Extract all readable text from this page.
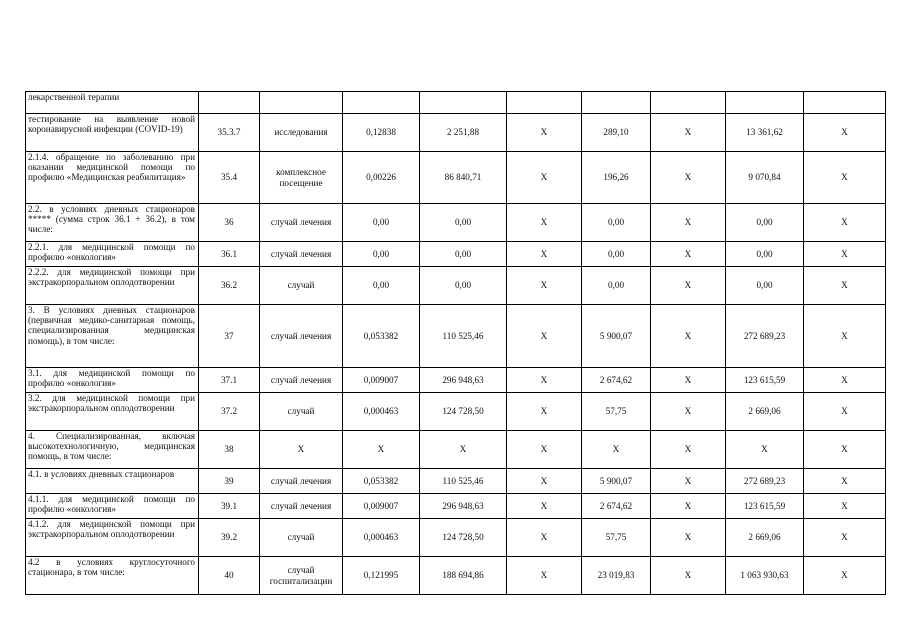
лекарственной терапии									
тестирование на выявление новой коронавирусной инфекции (COVID-19)	35.3.7	исследования	0,12838	2 251,88	X	289,10	X	13 361,62	X
2.1.4. обращение по заболеванию при оказании медицинской помощи по профилю «Медицинская реабилитация»	35.4	комплексное посещение	0,00226	86 840,71	X	196,26	X	9 070,84	X
2.2. в условиях дневных стационаров ***** (сумма строк 36.1 + 36.2), в том числе:	36	случай лечения	0,00	0,00	X	0,00	X	0,00	X
2.2.1. для медицинской помощи по профилю «онкология»	36.1	случай лечения	0,00	0,00	X	0,00	X	0,00	X
2.2.2. для медицинской помощи при экстракорпоральном оплодотворении	36.2	случай	0,00	0,00	X	0,00	X	0,00	X
3. В условиях дневных стационаров (первичная медико-санитарная помощь, специализированная медицинская помощь), в том числе:	37	случай лечения	0,053382	110 525,46	X	5 900,07	X	272 689,23	X
3.1. для медицинской помощи по профилю «онкология»	37.1	случай лечения	0,009007	296 948,63	X	2 674,62	X	123 615,59	X
3.2. для медицинской помощи при экстракорпоральном оплодотворении	37.2	случай	0,000463	124 728,50	X	57,75	X	2 669,06	X
4. Специализированная, включая высокотехнологичную, медицинская помощь, в том числе:	38	X	X	X	X	X	X	X	X
4.1. в условиях дневных стационаров	39	случай лечения	0,053382	110 525,46	X	5 900,07	X	272 689,23	X
4.1.1. для медицинской помощи по профилю «онкология»	39.1	случай лечения	0,009007	296 948,63	X	2 674,62	X	123 615,59	X
4.1.2. для медицинской помощи при экстракорпоральном оплодотворении	39.2	случай	0,000463	124 728,50	X	57,75	X	2 669,06	X
4.2 в условиях круглосуточного стационара, в том числе:	40	случай госпитализации	0,121995	188 694,86	X	23 019,83	X	1 063 930,63	X
